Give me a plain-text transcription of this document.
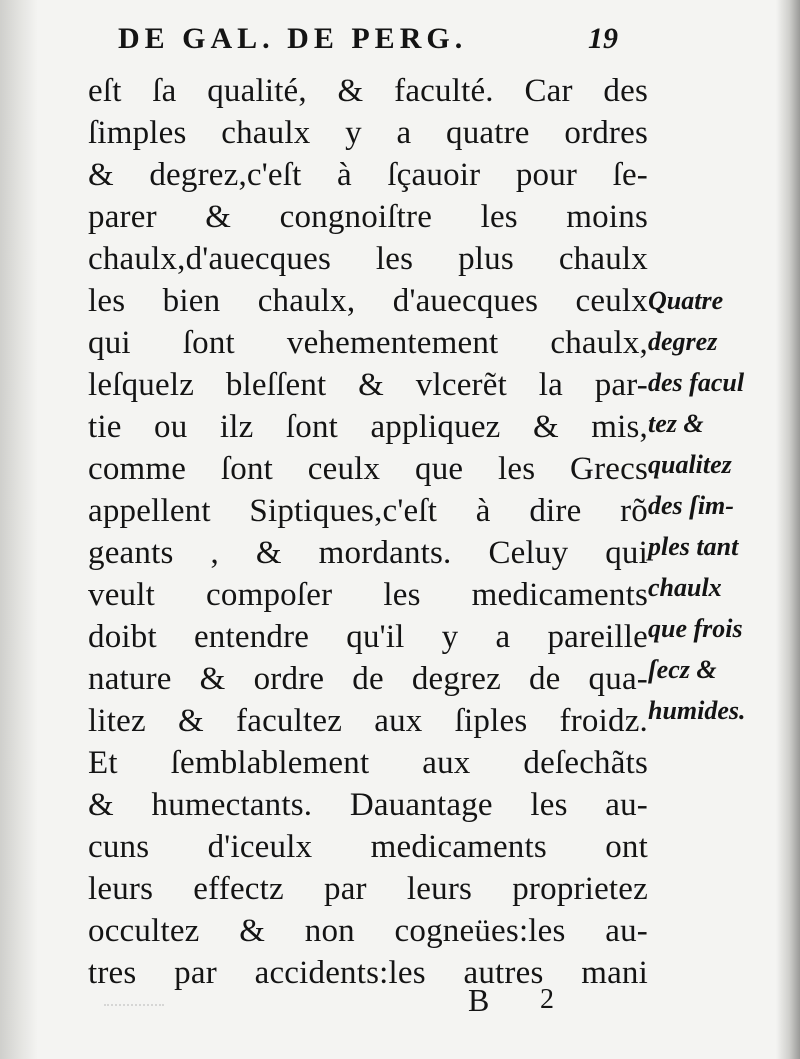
DE GAL. DE PERG.	19
eſt ſa qualité, & faculté. Car des
ſimples chaulx y a quatre ordres
& degrez,c'eſt à ſçauoir pour ſe-
parer & congnoiſtre les moins
chaulx,d'auecques les plus chaulx
les bien chaulx, d'auecques ceulx
qui ſont vehementement chaulx,
leſquelz bleſſent & vlcerẽt la par-
tie ou ilz ſont appliquez & mis,
comme ſont ceulx que les Grecs
appellent Siptiques,c'eſt à dire rõ
geants , & mordants. Celuy qui
veult compoſer les medicaments
doibt entendre qu'il y a pareille
nature & ordre de degrez de qua-
litez & facultez aux ſiples froidz.
Et ſemblablement aux deſechãts
& humectants. Dauantage les au-
cuns d'iceulx medicaments ont
leurs effectz par leurs proprietez
occultez & non cogneües:les au-
tres par accidents:les autres mani
Quatre
degrez
des facul
tez &
qualitez
des ſim-
ples tant
chaulx
que frois
ſecz &
humides.
B 2
